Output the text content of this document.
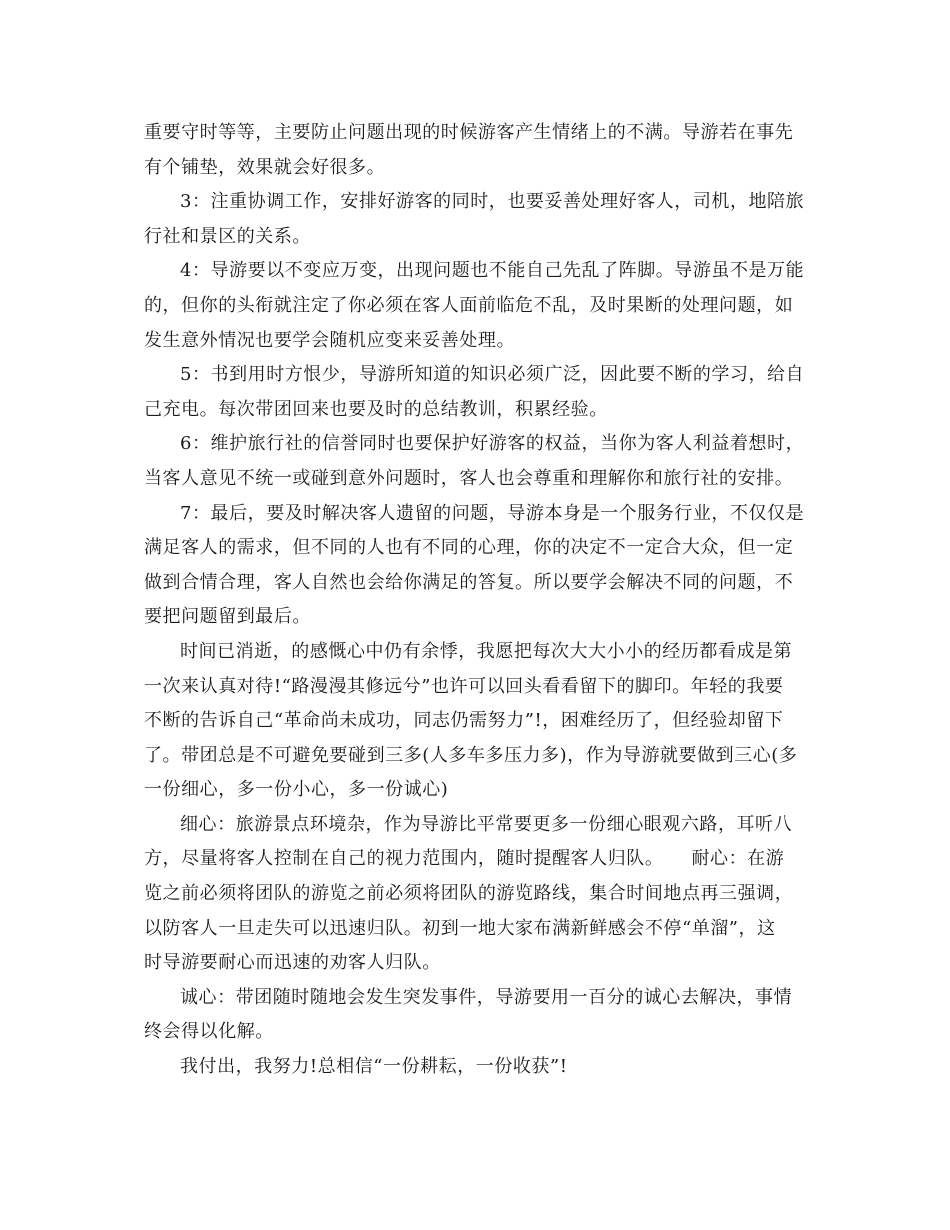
重要守时等等，主要防止问题出现的时候游客产生情绪上的不满。导游若在事先
有个铺垫，效果就会好很多。
3：注重协调工作，安排好游客的同时，也要妥善处理好客人，司机，地陪旅
行社和景区的关系。
4：导游要以不变应万变，出现问题也不能自己先乱了阵脚。导游虽不是万能
的，但你的头衔就注定了你必须在客人面前临危不乱，及时果断的处理问题，如
发生意外情况也要学会随机应变来妥善处理。
5：书到用时方恨少，导游所知道的知识必须广泛，因此要不断的学习，给自
己充电。每次带团回来也要及时的总结教训，积累经验。
6：维护旅行社的信誉同时也要保护好游客的权益，当你为客人利益着想时，
当客人意见不统一或碰到意外问题时，客人也会尊重和理解你和旅行社的安排。
7：最后，要及时解决客人遗留的问题，导游本身是一个服务行业，不仅仅是
满足客人的需求，但不同的人也有不同的心理，你的决定不一定合大众，但一定
做到合情合理，客人自然也会给你满足的答复。所以要学会解决不同的问题，不
要把问题留到最后。
时间已消逝，的感慨心中仍有余悸，我愿把每次大大小小的经历都看成是第
一次来认真对待!“路漫漫其修远兮”也许可以回头看看留下的脚印。年轻的我要
不断的告诉自己“革命尚未成功，同志仍需努力”!，困难经历了，但经验却留下
了。带团总是不可避免要碰到三多(人多车多压力多)，作为导游就要做到三心(多
一份细心，多一份小心，多一份诚心)
细心：旅游景点环境杂，作为导游比平常要更多一份细心眼观六路，耳听八
方，尽量将客人控制在自己的视力范围内，随时提醒客人归队。　　耐心：在游
览之前必须将团队的游览之前必须将团队的游览路线，集合时间地点再三强调，
以防客人一旦走失可以迅速归队。初到一地大家布满新鲜感会不停“单溜”，这
时导游要耐心而迅速的劝客人归队。
诚心：带团随时随地会发生突发事件，导游要用一百分的诚心去解决，事情
终会得以化解。
我付出，我努力!总相信“一份耕耘，一份收获”!
